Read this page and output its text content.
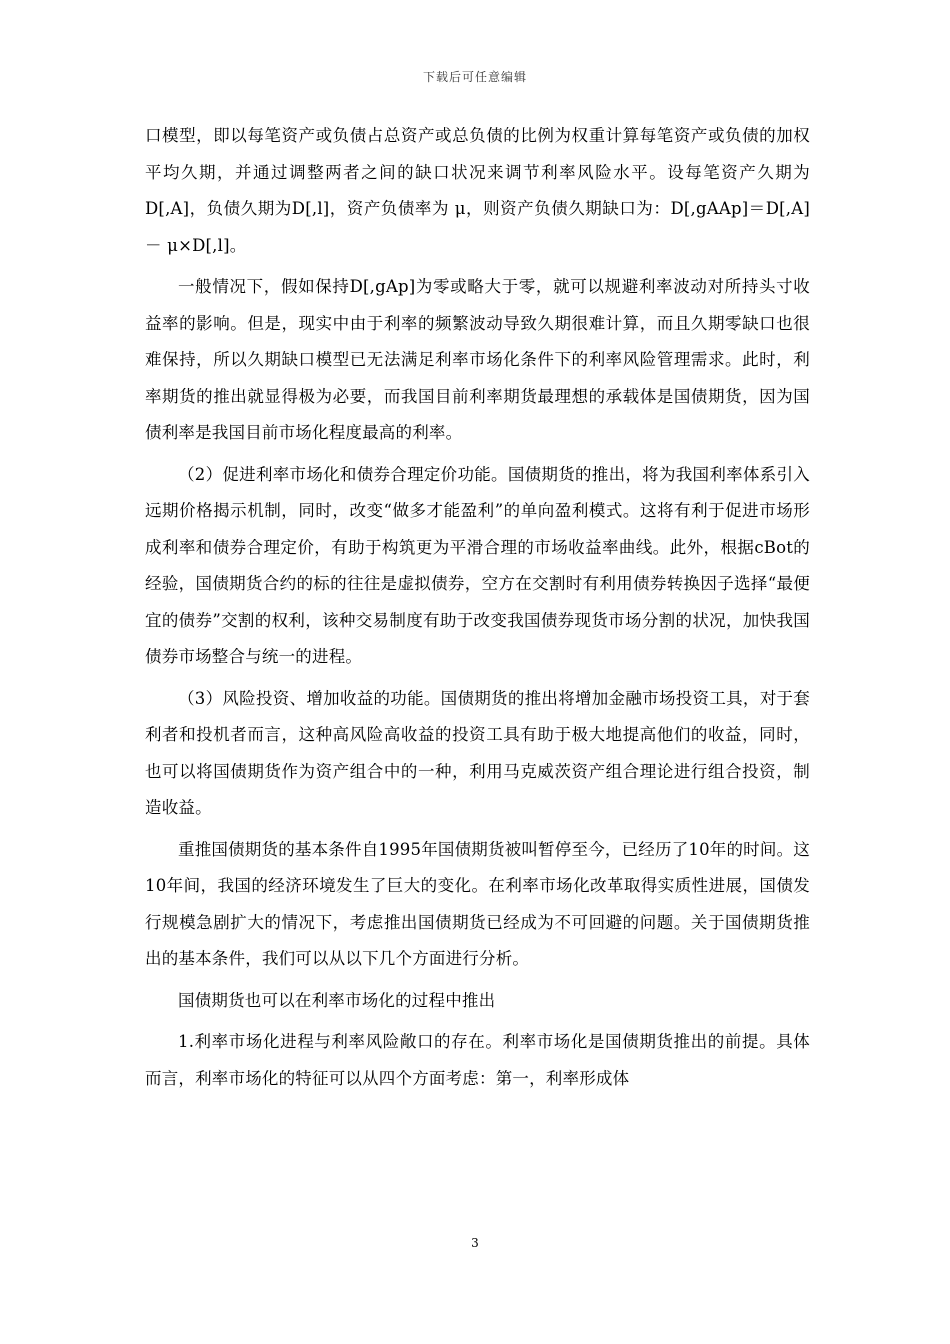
下载后可任意编辑

口模型，即以每笔资产或负债占总资产或总负债的比例为权重计算每笔资产或负债的加权平均久期，并通过调整两者之间的缺口状况来调节利率风险水平。设每笔资产久期为D[,A]，负债久期为D[,l]，资产负债率为 μ，则资产负债久期缺口为：D[,gAAp]＝D[,A]－ μ×D[,l]。

一般情况下，假如保持D[,gAp]为零或略大于零，就可以规避利率波动对所持头寸收益率的影响。但是，现实中由于利率的频繁波动导致久期很难计算，而且久期零缺口也很难保持，所以久期缺口模型已无法满足利率市场化条件下的利率风险管理需求。此时，利率期货的推出就显得极为必要，而我国目前利率期货最理想的承载体是国债期货，因为国债利率是我国目前市场化程度最高的利率。

（2）促进利率市场化和债券合理定价功能。国债期货的推出，将为我国利率体系引入远期价格揭示机制，同时，改变“做多才能盈利”的单向盈利模式。这将有利于促进市场形成利率和债券合理定价，有助于构筑更为平滑合理的市场收益率曲线。此外，根据cBot的经验，国债期货合约的标的往往是虚拟债券，空方在交割时有利用债券转换因子选择“最便宜的债券”交割的权利，该种交易制度有助于改变我国债券现货市场分割的状况，加快我国债券市场整合与统一的进程。

（3）风险投资、增加收益的功能。国债期货的推出将增加金融市场投资工具，对于套利者和投机者而言，这种高风险高收益的投资工具有助于极大地提高他们的收益，同时，也可以将国债期货作为资产组合中的一种，利用马克威茨资产组合理论进行组合投资，制造收益。

重推国债期货的基本条件自1995年国债期货被叫暂停至今，已经历了10年的时间。这10年间，我国的经济环境发生了巨大的变化。在利率市场化改革取得实质性进展，国债发行规模急剧扩大的情况下，考虑推出国债期货已经成为不可回避的问题。关于国债期货推出的基本条件，我们可以从以下几个方面进行分析。

国债期货也可以在利率市场化的过程中推出

1.利率市场化进程与利率风险敞口的存在。利率市场化是国债期货推出的前提。具体而言，利率市场化的特征可以从四个方面考虑：第一，利率形成体

3
